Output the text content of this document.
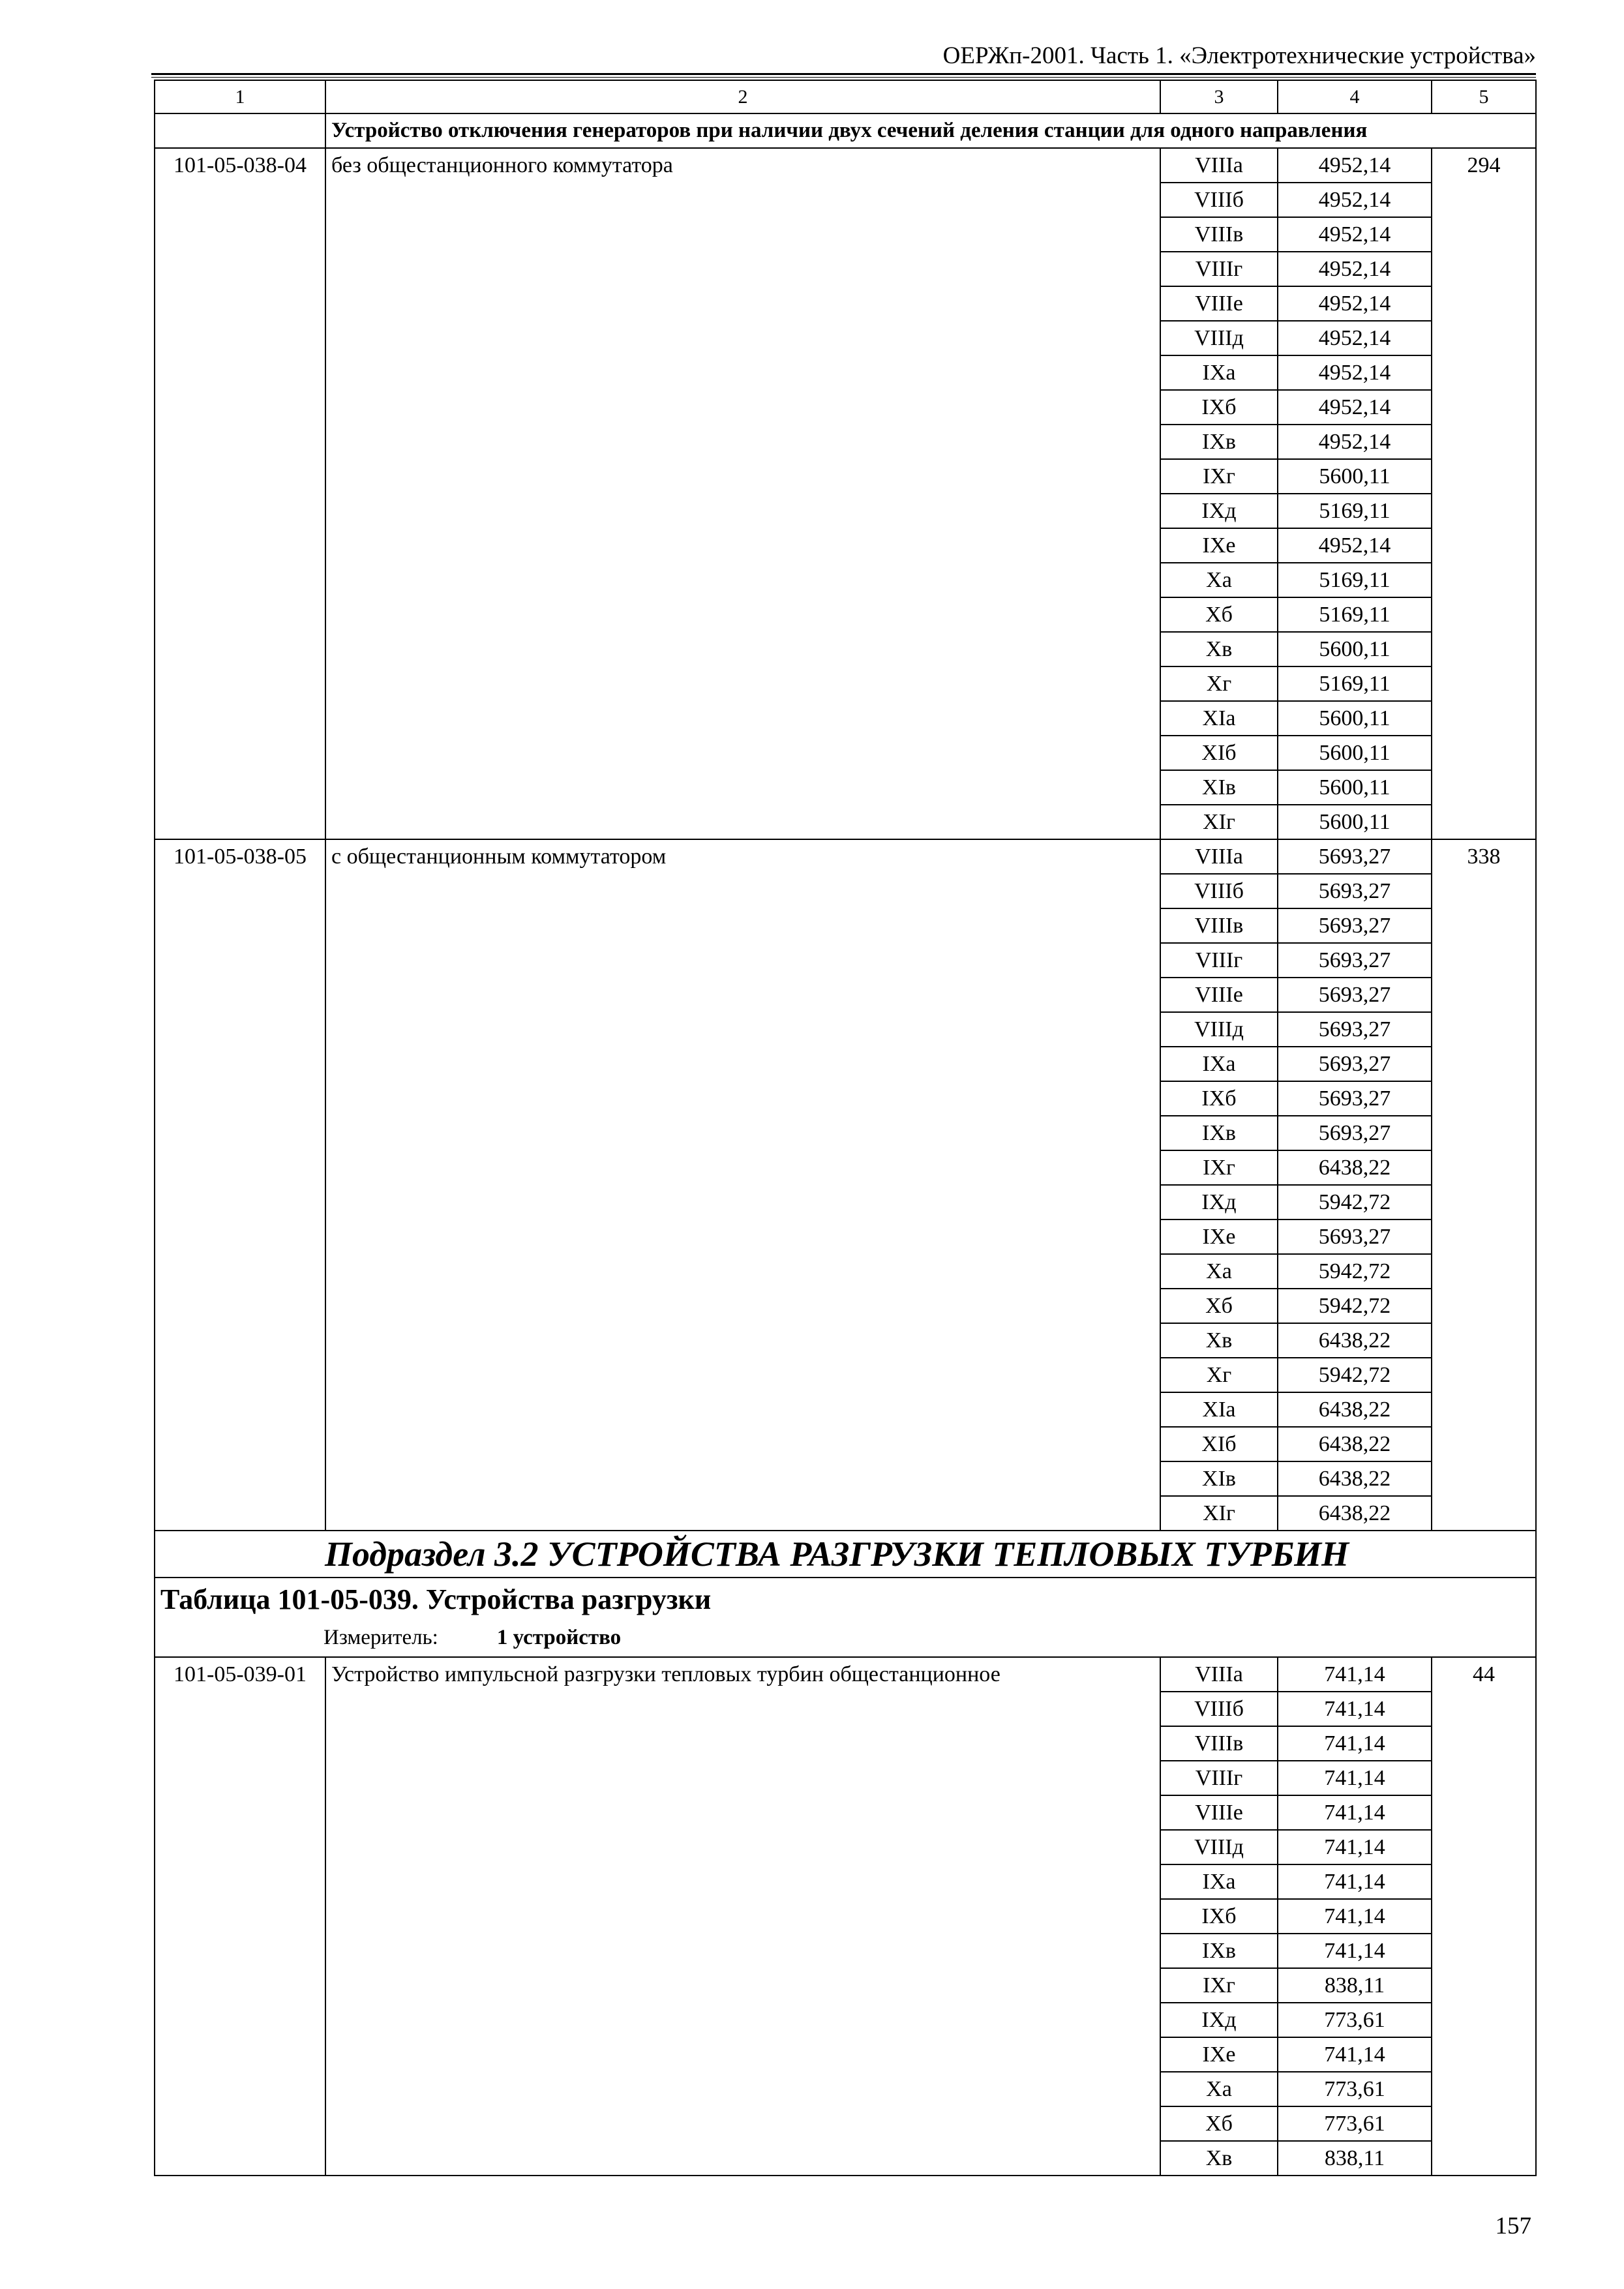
ОЕРЖп-2001. Часть 1. «Электротехнические устройства»
1	2	3	4	5
	Устройство отключения генераторов при наличии двух сечений деления станции для одного направления			
101-05-038-04	без общестанционного коммутатора	VIIIа	4952,14	294
		VIIIб	4952,14	
		VIIIв	4952,14	
		VIIIг	4952,14	
		VIIIе	4952,14	
		VIIIд	4952,14	
		IXа	4952,14	
		IXб	4952,14	
		IXв	4952,14	
		IXг	5600,11	
		IXд	5169,11	
		IXе	4952,14	
		Xа	5169,11	
		Xб	5169,11	
		Xв	5600,11	
		Xг	5169,11	
		XIа	5600,11	
		XIб	5600,11	
		XIв	5600,11	
		XIг	5600,11	
101-05-038-05	с общестанционным коммутатором	VIIIа	5693,27	338
		VIIIб	5693,27	
		VIIIв	5693,27	
		VIIIг	5693,27	
		VIIIе	5693,27	
		VIIIд	5693,27	
		IXа	5693,27	
		IXб	5693,27	
		IXв	5693,27	
		IXг	6438,22	
		IXд	5942,72	
		IXе	5693,27	
		Xа	5942,72	
		Xб	5942,72	
		Xв	6438,22	
		Xг	5942,72	
		XIа	6438,22	
		XIб	6438,22	
		XIв	6438,22	
		XIг	6438,22	
Подраздел 3.2 УСТРОЙСТВА РАЗГРУЗКИ ТЕПЛОВЫХ ТУРБИН				

Таблица 101-05-039. Устройства разгрузки
Измеритель: 1 устройство				

101-05-039-01	Устройство импульсной разгрузки тепловых турбин общестанционное	VIIIа	741,14	44
		VIIIб	741,14	
		VIIIв	741,14	
		VIIIг	741,14	
		VIIIе	741,14	
		VIIIд	741,14	
		IXа	741,14	
		IXб	741,14	
		IXв	741,14	
		IXг	838,11	
		IXд	773,61	
		IXе	741,14	
		Xа	773,61	
		Xб	773,61	
		Xв	838,11	
157
